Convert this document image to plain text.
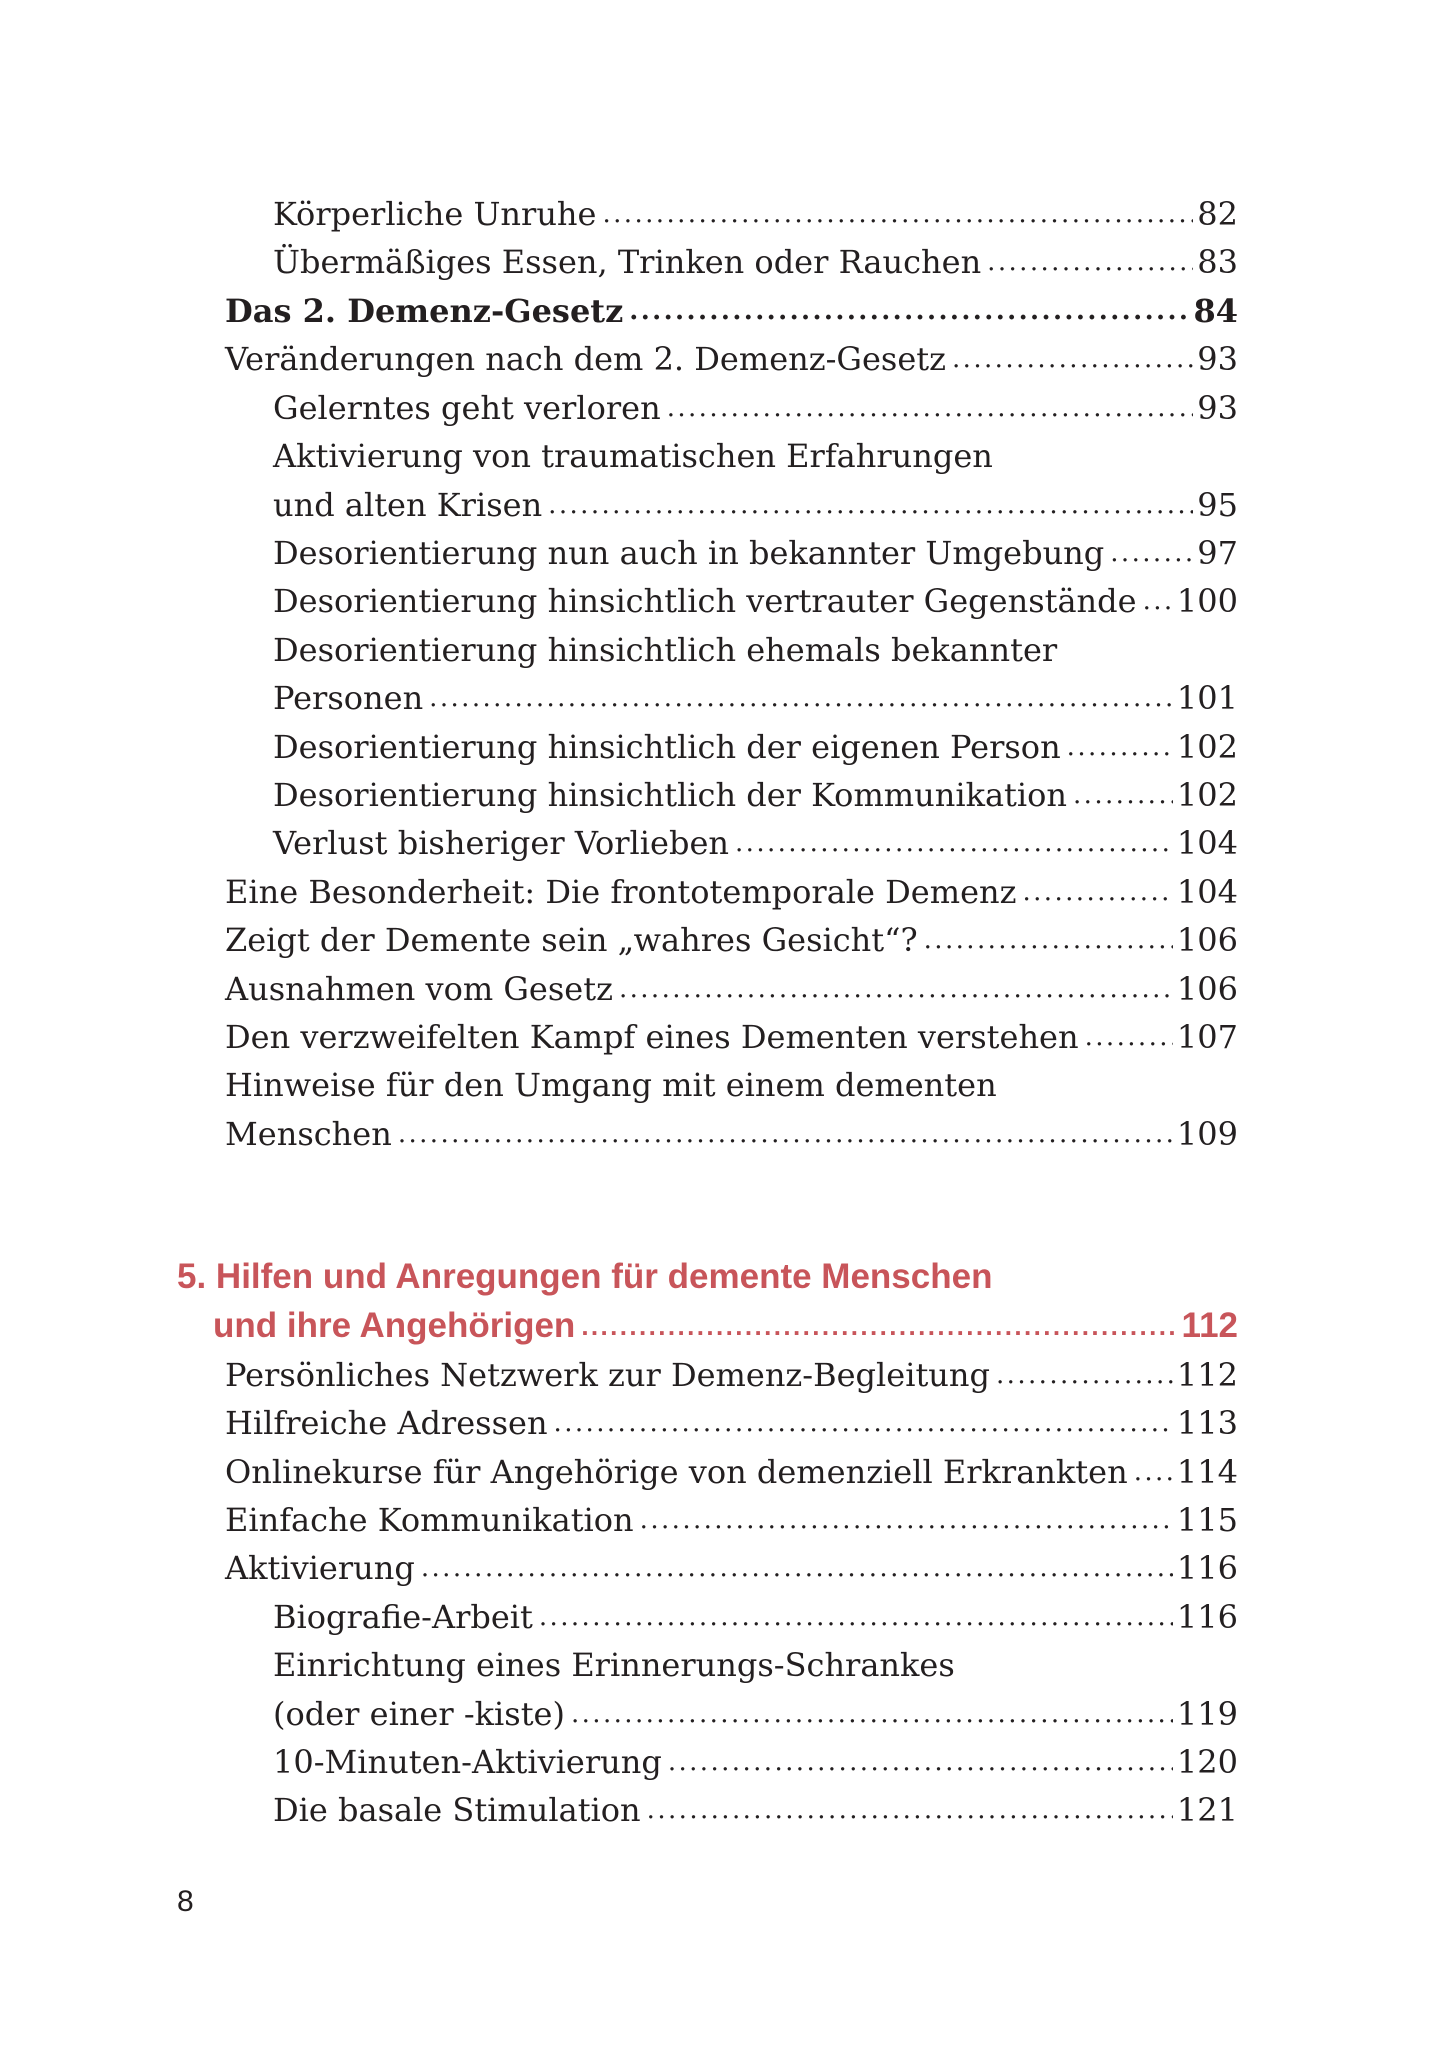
Körperliche Unruhe .....	82
Übermäßiges Essen, Trinken oder Rauchen .....	83
Das 2. Demenz-Gesetz .....	84
Veränderungen nach dem 2. Demenz-Gesetz .....	93
Gelerntes geht verloren .....	93
Aktivierung von traumatischen Erfahrungen
und alten Krisen .....	95
Desorientierung nun auch in bekannter Umgebung .....	97
Desorientierung hinsichtlich vertrauter Gegenstände ..... 100
Desorientierung hinsichtlich ehemals bekannter
Personen .....	101
Desorientierung hinsichtlich der eigenen Person .....	102
Desorientierung hinsichtlich der Kommunikation .....	102
Verlust bisheriger Vorlieben .....	104
Eine Besonderheit: Die frontotemporale Demenz .....	104
Zeigt der Demente sein „wahres Gesicht“? .....	106
Ausnahmen vom Gesetz .....	106
Den verzweifelten Kampf eines Dementen verstehen .....	107
Hinweise für den Umgang mit einem dementen
Menschen .....	109
5. Hilfen und Anregungen für demente Menschen
und ihre Angehörigen .....	112
Persönliches Netzwerk zur Demenz-Begleitung .....	112
Hilfreiche Adressen .....	113
Onlinekurse für Angehörige von demenziell Erkrankten ..... 114
Einfache Kommunikation .....	115
Aktivierung .....	116
Biografie-Arbeit .....	116
Einrichtung eines Erinnerungs-Schrankes
(oder einer -kiste) .....	119
10-Minuten-Aktivierung .....	120
Die basale Stimulation .....	121
8
